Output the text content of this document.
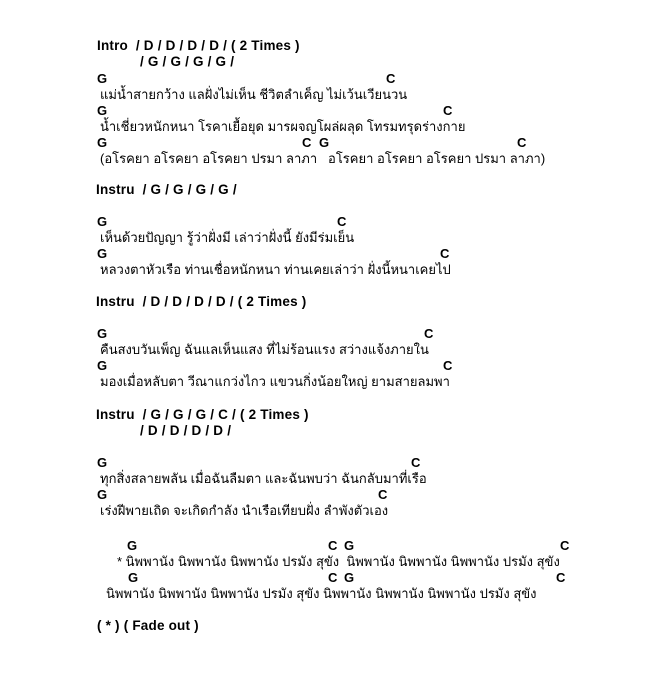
Intro  / D / D / D / D / ( 2 Times )
/ G / G / G / G /
G	C
แม่น้ำสายกว้าง แลฝั่งไม่เห็น ชีวิตลำเค็ญ ไม่เว้นเวียนวน
G	C
น้ำเชี่ยวหนักหนา โรคาเยื้อยุด มารผจญโผล่ผลุด โทรมทรุดร่างกาย
G	C G	C
(อโรคยา อโรคยา อโรคยา ปรมา ลาภา   อโรคยา อโรคยา อโรคยา ปรมา ลาภา)
Instru  / G / G / G / G /
G	C
เห็นด้วยปัญญา รู้ว่าฝั่งมี เล่าว่าฝั่งนี้ ยังมีร่มเย็น
G	C
หลวงตาหัวเรือ ท่านเชื่อหนักหนา ท่านเคยเล่าว่า ฝั่งนี้หนาเคยไป
Instru  / D / D / D / D / ( 2 Times )
G	C
คืนสงบวันเพ็ญ ฉันแลเห็นแสง ที่ไม่ร้อนแรง สว่างแจ้งภายใน
G	C
มองเมื่อหลับตา วีณาแกว่งไกว แขวนกิ่งน้อยใหญ่ ยามสายลมพา
Instru  / G / G / G / C / ( 2 Times )
/ D / D / D / D /
G	C
ทุกสิ่งสลายพลัน เมื่อฉันลืมตา และฉันพบว่า ฉันกลับมาที่เรือ
G	C
เร่งฝีพายเถิด จะเกิดกำลัง นำเรือเทียบฝั่ง ลำพังตัวเอง
G	C G	C
* นิพพานัง นิพพานัง นิพพานัง ปรมัง สุขัง  นิพพานัง นิพพานัง นิพพานัง ปรมัง สุขัง
G	C G	C
นิพพานัง นิพพานัง นิพพานัง ปรมัง สุขัง นิพพานัง นิพพานัง นิพพานัง ปรมัง สุขัง
( * ) ( Fade out )
